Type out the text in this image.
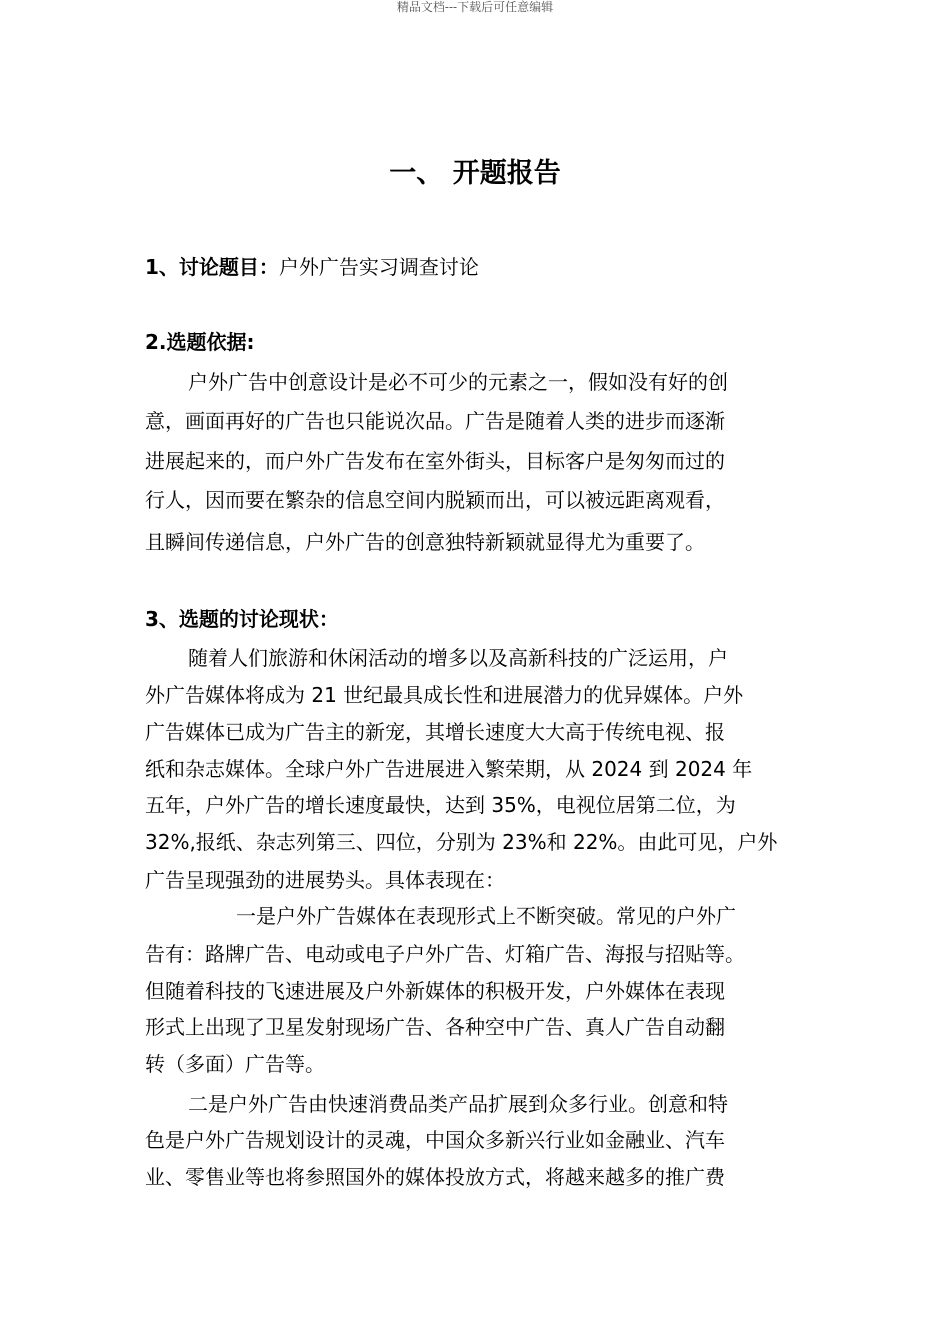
精品文档---下载后可任意编辑
一、 开题报告
1、讨论题目：户外广告实习调查讨论
2.选题依据:
户外广告中创意设计是必不可少的元素之一，假如没有好的创
意，画面再好的广告也只能说次品。广告是随着人类的进步而逐渐
进展起来的，而户外广告发布在室外街头，目标客户是匆匆而过的
行人，因而要在繁杂的信息空间内脱颖而出，可以被远距离观看，
且瞬间传递信息，户外广告的创意独特新颖就显得尤为重要了。
3、选题的讨论现状：
随着人们旅游和休闲活动的增多以及高新科技的广泛运用，户
外广告媒体将成为 21 世纪最具成长性和进展潜力的优异媒体。户外
广告媒体已成为广告主的新宠，其增长速度大大高于传统电视、报
纸和杂志媒体。全球户外广告进展进入繁荣期，从 2024 到 2024 年
五年，户外广告的增长速度最快，达到 35%，电视位居第二位，为
32%,报纸、杂志列第三、四位，分别为 23%和 22%。由此可见，户外
广告呈现强劲的进展势头。具体表现在：
一是户外广告媒体在表现形式上不断突破。常见的户外广
告有：路牌广告、电动或电子户外广告、灯箱广告、海报与招贴等。
但随着科技的飞速进展及户外新媒体的积极开发，户外媒体在表现
形式上出现了卫星发射现场广告、各种空中广告、真人广告自动翻
转（多面）广告等。
二是户外广告由快速消费品类产品扩展到众多行业。创意和特
色是户外广告规划设计的灵魂，中国众多新兴行业如金融业、汽车
业、零售业等也将参照国外的媒体投放方式，将越来越多的推广费
